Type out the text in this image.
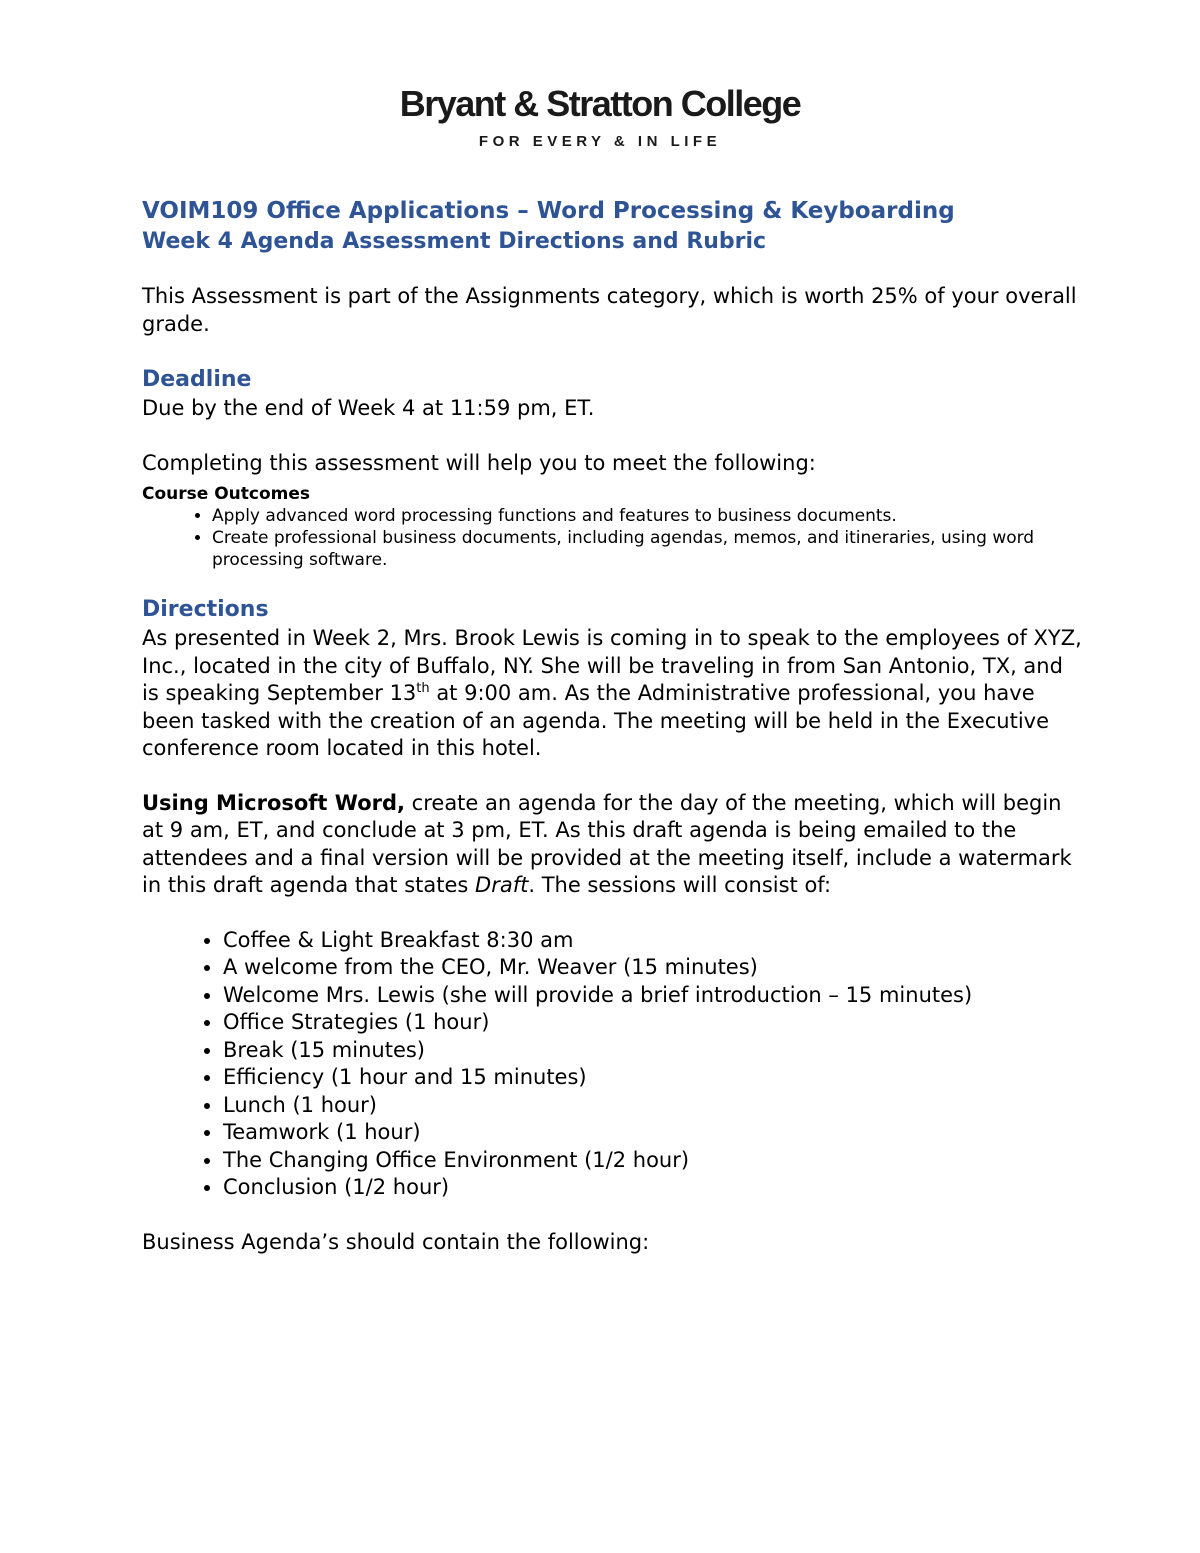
Bryant & Stratton College
FOR EVERY & IN LIFE
VOIM109 Office Applications – Word Processing & Keyboarding
Week 4 Agenda Assessment Directions and Rubric

This Assessment is part of the Assignments category, which is worth 25% of your overall grade.

Deadline

Due by the end of Week 4 at 11:59 pm, ET.

Completing this assessment will help you to meet the following:

Course Outcomes
• Apply advanced word processing functions and features to business documents.
• Create professional business documents, including agendas, memos, and itineraries, using word processing software.
Directions

As presented in Week 2, Mrs. Brook Lewis is coming in to speak to the employees of XYZ, Inc., located in the city of Buffalo, NY. She will be traveling in from San Antonio, TX, and is speaking September 13th at 9:00 am. As the Administrative professional, you have been tasked with the creation of an agenda. The meeting will be held in the Executive conference room located in this hotel.

Using Microsoft Word, create an agenda for the day of the meeting, which will begin at 9 am, ET, and conclude at 3 pm, ET. As this draft agenda is being emailed to the attendees and a final version will be provided at the meeting itself, include a watermark in this draft agenda that states Draft. The sessions will consist of:

• Coffee & Light Breakfast 8:30 am
• A welcome from the CEO, Mr. Weaver (15 minutes)
• Welcome Mrs. Lewis (she will provide a brief introduction – 15 minutes)
• Office Strategies (1 hour)
• Break (15 minutes)
• Efficiency (1 hour and 15 minutes)
• Lunch (1 hour)
• Teamwork (1 hour)
• The Changing Office Environment (1/2 hour)
• Conclusion (1/2 hour)

Business Agenda’s should contain the following:
